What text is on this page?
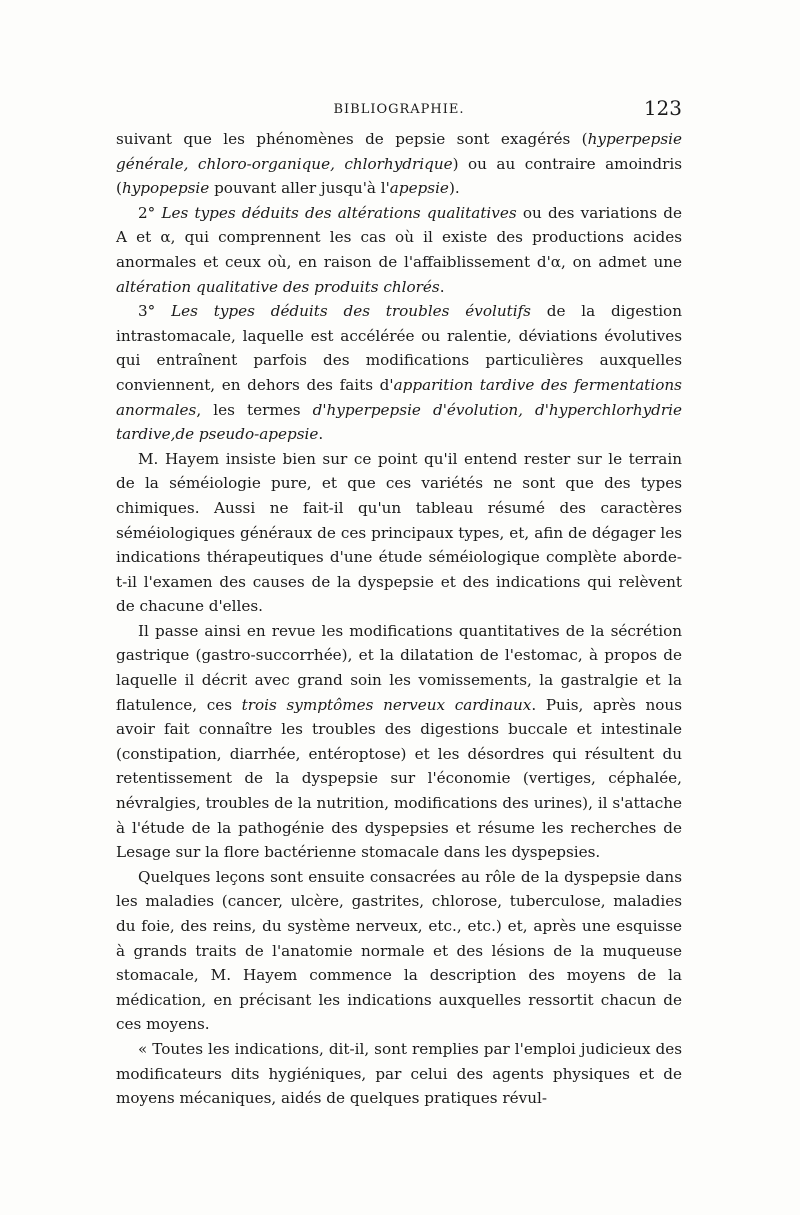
BIBLIOGRAPHIE.	123

suivant que les phénomènes de pepsie sont exagérés (hyperpepsie générale, chloro-organique, chlorhydrique) ou au contraire amoindris (hypopepsie pouvant aller jusqu'à l'apepsie).

2° Les types déduits des altérations qualitatives ou des variations de A et α, qui comprennent les cas où il existe des productions acides anormales et ceux où, en raison de l'affaiblissement d'α, on admet une altération qualitative des produits chlorés.

3° Les types déduits des troubles évolutifs de la digestion intrastomacale, laquelle est accélérée ou ralentie, déviations évolutives qui entraînent parfois des modifications particulières auxquelles conviennent, en dehors des faits d'apparition tardive des fermentations anormales, les termes d'hyperpepsie d'évolution, d'hyperchlorhydrie tardive,de pseudo-apepsie.

M. Hayem insiste bien sur ce point qu'il entend rester sur le terrain de la séméiologie pure, et que ces variétés ne sont que des types chimiques. Aussi ne fait-il qu'un tableau résumé des caractères séméiologiques généraux de ces principaux types, et, afin de dégager les indications thérapeutiques d'une étude séméiologique complète aborde-t-il l'examen des causes de la dyspepsie et des indications qui relèvent de chacune d'elles.

Il passe ainsi en revue les modifications quantitatives de la sécrétion gastrique (gastro-succorrhée), et la dilatation de l'estomac, à propos de laquelle il décrit avec grand soin les vomissements, la gastralgie et la flatulence, ces trois symptômes nerveux cardinaux. Puis, après nous avoir fait connaître les troubles des digestions buccale et intestinale (constipation, diarrhée, entéroptose) et les désordres qui résultent du retentissement de la dyspepsie sur l'économie (vertiges, céphalée, névralgies, troubles de la nutrition, modifications des urines), il s'attache à l'étude de la pathogénie des dyspepsies et résume les recherches de Lesage sur la flore bactérienne stomacale dans les dyspepsies.

Quelques leçons sont ensuite consacrées au rôle de la dyspepsie dans les maladies (cancer, ulcère, gastrites, chlorose, tuberculose, maladies du foie, des reins, du système nerveux, etc., etc.) et, après une esquisse à grands traits de l'anatomie normale et des lésions de la muqueuse stomacale, M. Hayem commence la description des moyens de la médication, en précisant les indications auxquelles ressortit chacun de ces moyens.

« Toutes les indications, dit-il, sont remplies par l'emploi judicieux des modificateurs dits hygiéniques, par celui des agents physiques et de moyens mécaniques, aidés de quelques pratiques révul-
